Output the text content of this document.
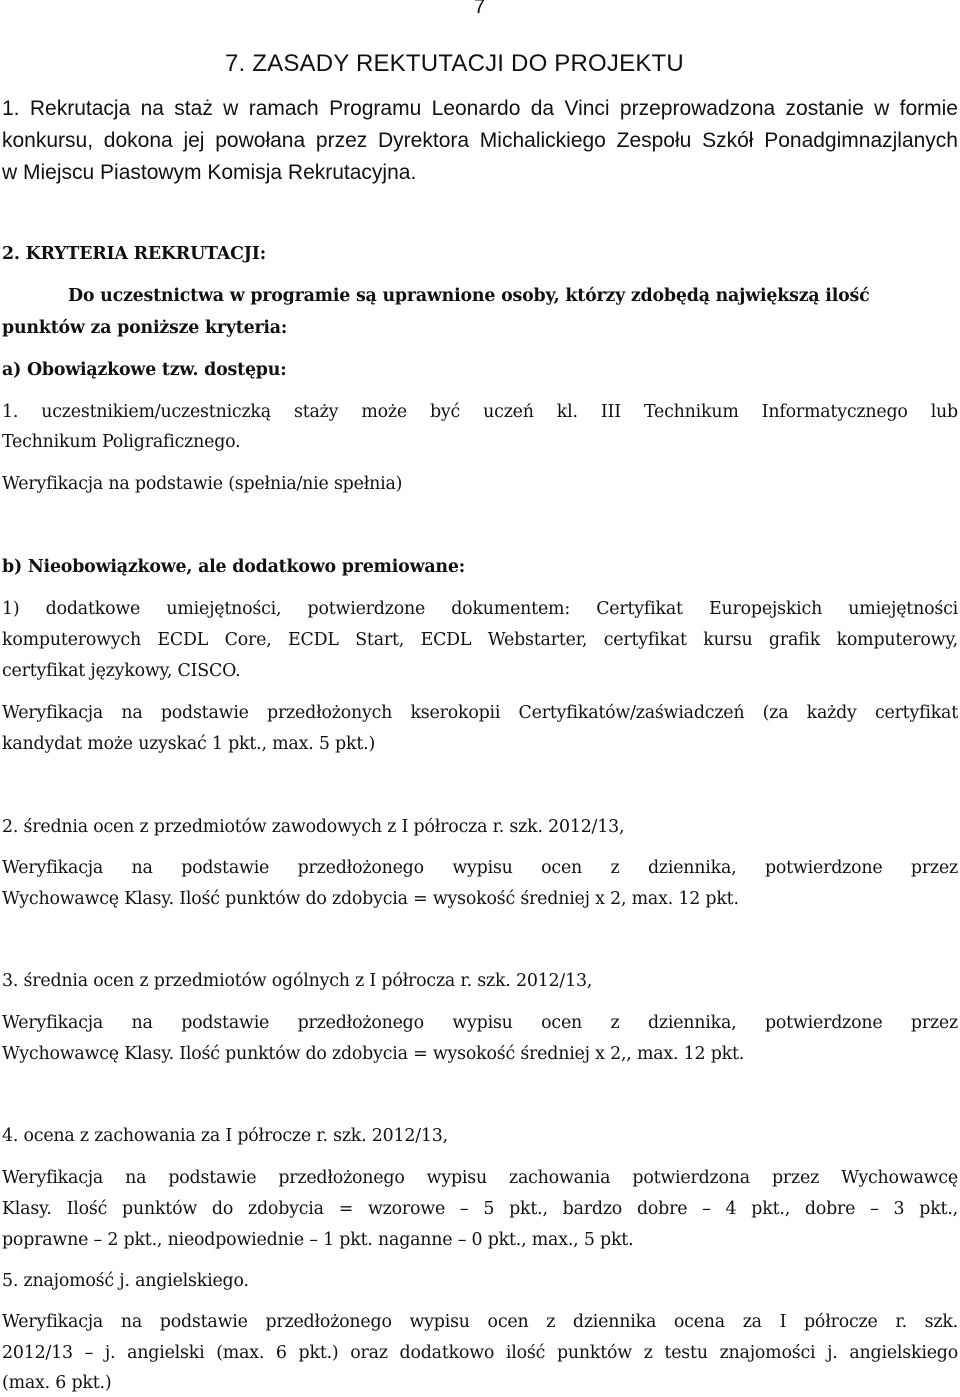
7
7. ZASADY REKTUTACJI DO PROJEKTU

1. Rekrutacja na staż w ramach Programu Leonardo da Vinci przeprowadzona zostanie w formie

konkursu, dokona jej powołana przez Dyrektora Michalickiego Zespołu Szkół Ponadgimnazjlanych

w Miejscu Piastowym Komisja Rekrutacyjna.

2. KRYTERIA REKRUTACJI:

Do uczestnictwa w programie są uprawnione osoby, którzy zdobędą największą ilość

punktów za poniższe kryteria:

a) Obowiązkowe tzw. dostępu:

1. uczestnikiem/uczestniczką staży może być uczeń kl. III Technikum Informatycznego lub

Technikum Poligraficznego.

Weryfikacja na podstawie (spełnia/nie spełnia)

b) Nieobowiązkowe, ale dodatkowo premiowane:

1) dodatkowe umiejętności, potwierdzone dokumentem: Certyfikat Europejskich umiejętności

komputerowych ECDL Core, ECDL Start, ECDL Webstarter, certyfikat kursu grafik komputerowy,

certyfikat językowy, CISCO.

Weryfikacja na podstawie przedłożonych kserokopii Certyfikatów/zaświadczeń (za każdy certyfikat

kandydat może uzyskać 1 pkt., max. 5 pkt.)

2. średnia ocen z przedmiotów zawodowych z I półrocza r. szk. 2012/13,

Weryfikacja na podstawie przedłożonego wypisu ocen z dziennika, potwierdzone przez

Wychowawcę Klasy. Ilość punktów do zdobycia = wysokość średniej x 2, max. 12 pkt.

3. średnia ocen z przedmiotów ogólnych z I półrocza r. szk. 2012/13,

Weryfikacja na podstawie przedłożonego wypisu ocen z dziennika, potwierdzone przez

Wychowawcę Klasy. Ilość punktów do zdobycia = wysokość średniej x 2,, max. 12 pkt.

4. ocena z zachowania za I półrocze r. szk. 2012/13,

Weryfikacja na podstawie przedłożonego wypisu zachowania potwierdzona przez Wychowawcę

Klasy. Ilość punktów do zdobycia = wzorowe – 5 pkt., bardzo dobre – 4 pkt., dobre – 3 pkt.,

poprawne – 2 pkt., nieodpowiednie – 1 pkt. naganne – 0 pkt., max., 5 pkt.

5. znajomość j. angielskiego.

Weryfikacja na podstawie przedłożonego wypisu ocen z dziennika ocena za I półrocze r. szk.

2012/13 – j. angielski (max. 6 pkt.) oraz dodatkowo ilość punktów z testu znajomości j. angielskiego

(max. 6 pkt.)
